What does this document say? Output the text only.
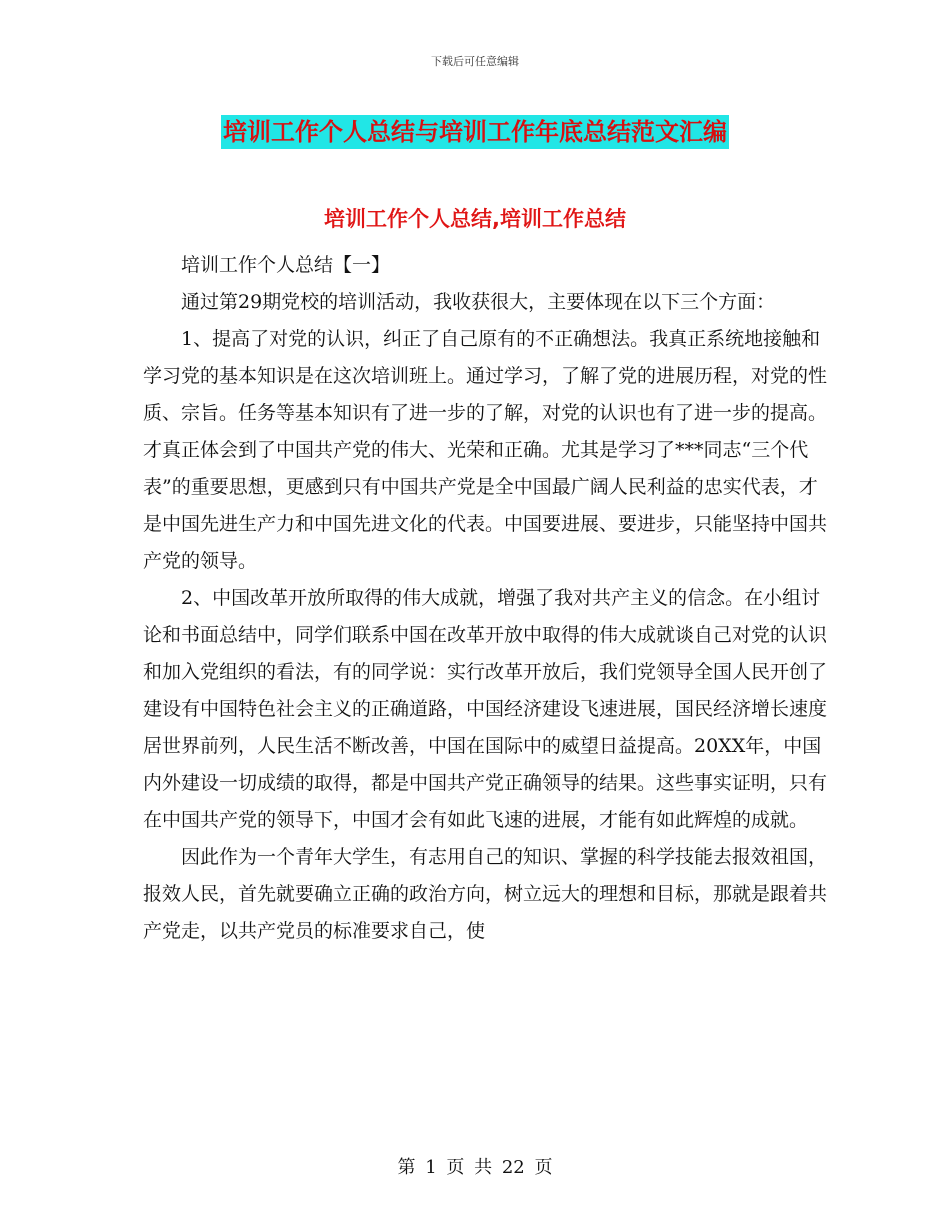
下载后可任意编辑
培训工作个人总结与培训工作年底总结范文汇编
培训工作个人总结,培训工作总结

培训工作个人总结【一】

通过第29期党校的培训活动，我收获很大，主要体现在以下三个方面：

1、提高了对党的认识，纠正了自己原有的不正确想法。我真正系统地接触和学习党的基本知识是在这次培训班上。通过学习，了解了党的进展历程，对党的性质、宗旨。任务等基本知识有了进一步的了解，对党的认识也有了进一步的提高。才真正体会到了中国共产党的伟大、光荣和正确。尤其是学习了***同志“三个代表”的重要思想，更感到只有中国共产党是全中国最广阔人民利益的忠实代表，才是中国先进生产力和中国先进文化的代表。中国要进展、要进步，只能坚持中国共产党的领导。

2、中国改革开放所取得的伟大成就，增强了我对共产主义的信念。在小组讨论和书面总结中，同学们联系中国在改革开放中取得的伟大成就谈自己对党的认识和加入党组织的看法，有的同学说：实行改革开放后，我们党领导全国人民开创了建设有中国特色社会主义的正确道路，中国经济建设飞速进展，国民经济增长速度居世界前列，人民生活不断改善，中国在国际中的威望日益提高。20XX年，中国内外建设一切成绩的取得，都是中国共产党正确领导的结果。这些事实证明，只有在中国共产党的领导下，中国才会有如此飞速的进展，才能有如此辉煌的成就。

因此作为一个青年大学生，有志用自己的知识、掌握的科学技能去报效祖国，报效人民，首先就要确立正确的政治方向，树立远大的理想和目标，那就是跟着共产党走，以共产党员的标准要求自己，使

第 1 页 共 22 页
